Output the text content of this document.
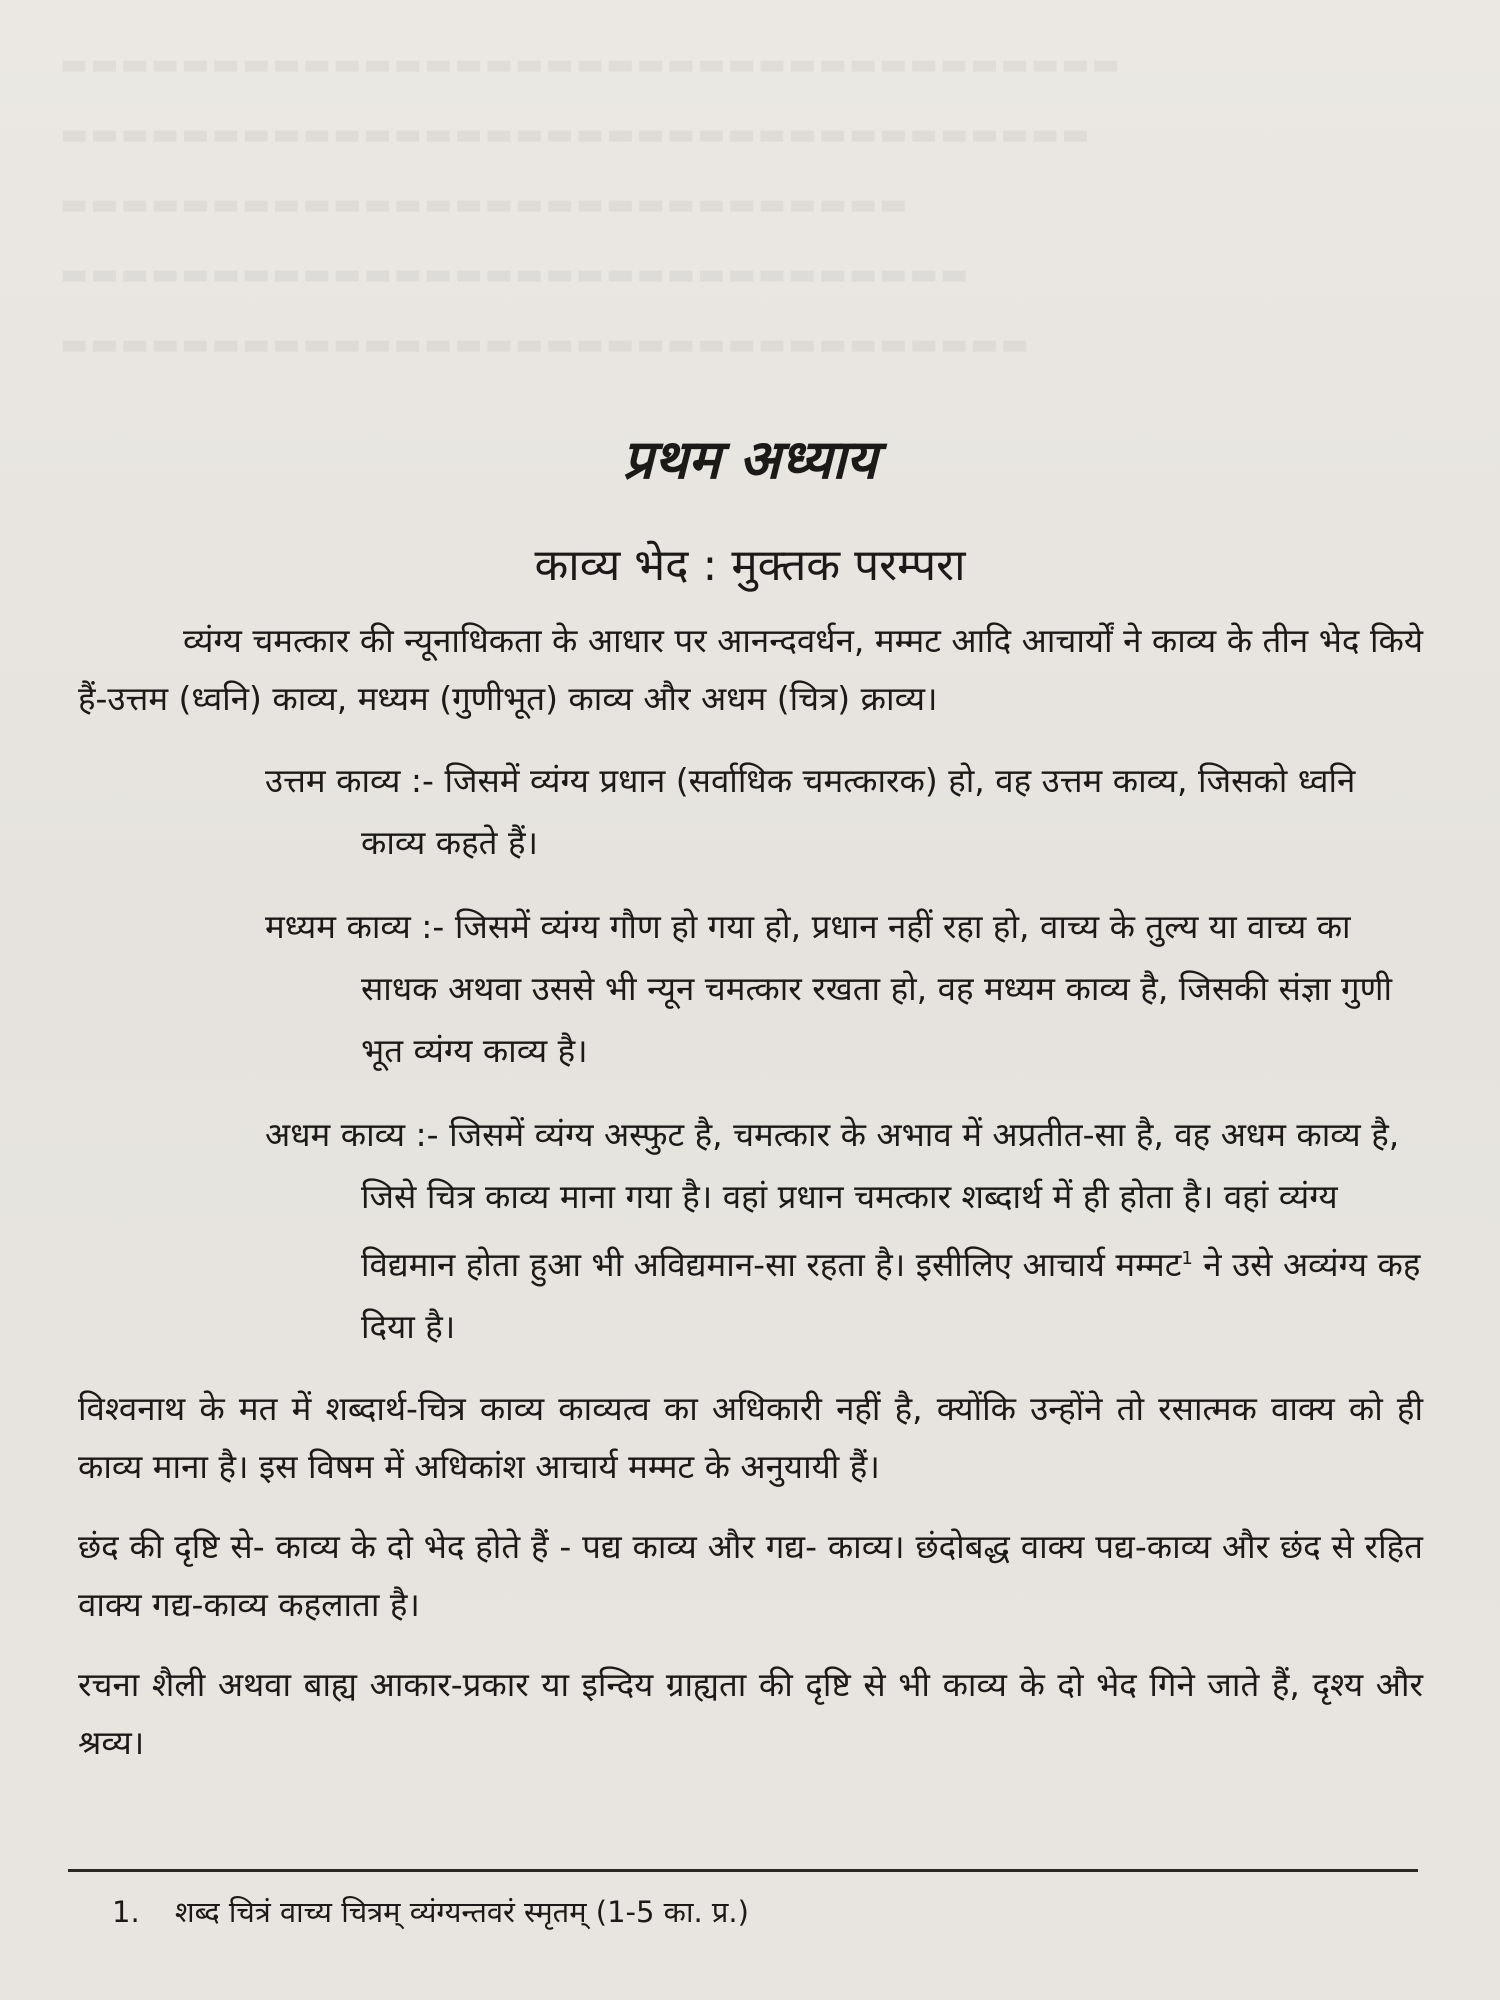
▬▬▬▬▬▬▬▬▬▬▬▬▬▬▬▬▬▬▬▬▬▬▬▬▬▬▬▬▬▬▬▬▬▬▬
▬▬▬▬▬▬▬▬▬▬▬▬▬▬▬▬▬▬▬▬▬▬▬▬▬▬▬▬▬▬▬▬▬▬
▬▬▬▬▬▬▬▬▬▬▬▬▬▬▬▬▬▬▬▬▬▬▬▬▬▬▬▬
▬▬▬▬▬▬▬▬▬▬▬▬▬▬▬▬▬▬▬▬▬▬▬▬▬▬▬▬▬▬
▬▬▬▬▬▬▬▬▬▬▬▬▬▬▬▬▬▬▬▬▬▬▬▬▬▬▬▬▬▬▬▬
प्रथम अध्याय
काव्य भेद : मुक्तक परम्परा

व्यंग्य चमत्कार की न्यूनाधिकता के आधार पर आनन्दवर्धन, मम्मट आदि आचार्यों ने काव्य के तीन भेद किये हैं-उत्तम (ध्वनि) काव्य, मध्यम (गुणीभूत) काव्य और अधम (चित्र) क्राव्य।

उत्तम काव्य :- जिसमें व्यंग्य प्रधान (सर्वाधिक चमत्कारक) हो, वह उत्तम काव्य, जिसको ध्वनि काव्य कहते हैं।

मध्यम काव्य :- जिसमें व्यंग्य गौण हो गया हो, प्रधान नहीं रहा हो, वाच्य के तुल्य या वाच्य का साधक अथवा उससे भी न्यून चमत्कार रखता हो, वह मध्यम काव्य है, जिसकी संज्ञा गुणी भूत व्यंग्य काव्य है।

अधम काव्य :- जिसमें व्यंग्य अस्फुट है, चमत्कार के अभाव में अप्रतीत-सा है, वह अधम काव्य है, जिसे चित्र काव्य माना गया है। वहां प्रधान चमत्कार शब्दार्थ में ही होता है। वहां व्यंग्य विद्यमान होता हुआ भी अविद्यमान-सा रहता है। इसीलिए आचार्य मम्मट$^1$ ने उसे अव्यंग्य कह दिया है।

विश्वनाथ के मत में शब्दार्थ-चित्र काव्य काव्यत्व का अधिकारी नहीं है, क्योंकि उन्होंने तो रसात्मक वाक्य को ही काव्य माना है। इस विषम में अधिकांश आचार्य मम्मट के अनुयायी हैं।

छंद की दृष्टि से- काव्य के दो भेद होते हैं - पद्य काव्य और गद्य- काव्य। छंदोबद्ध वाक्य पद्य-काव्य और छंद से रहित वाक्य गद्य-काव्य कहलाता है।

रचना शैली अथवा बाह्य आकार-प्रकार या इन्दिय ग्राह्यता की दृष्टि से भी काव्य के दो भेद गिने जाते हैं, दृश्य और श्रव्य।

1. शब्द चित्रं वाच्य चित्रम् व्यंग्यन्तवरं स्मृतम् (1-5 का. प्र.)
